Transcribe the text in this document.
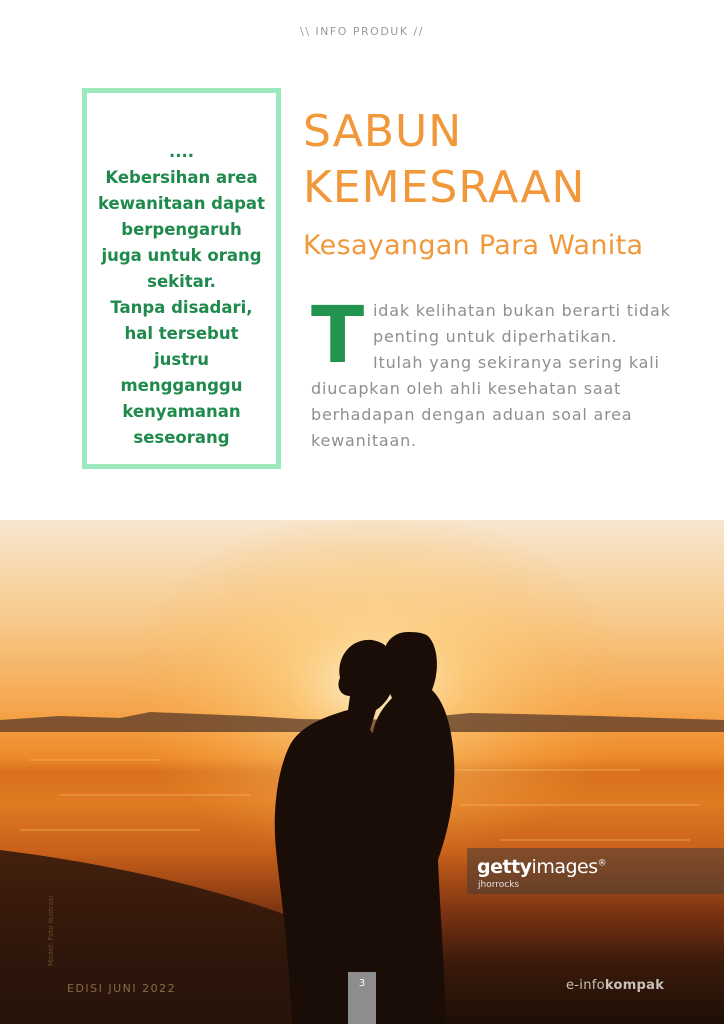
\\ INFO PRODUK //

....

Kebersihan area

kewanitaan dapat

berpengaruh

juga untuk orang

sekitar.

Tanpa disadari,

hal tersebut justru

mengganggu

kenyamanan

seseorang

SABUN
KEMESRAAN
Kesayangan Para Wanita
Tidak kelihatan bukan berarti tidak penting untuk diperhatikan. Itulah yang sekiranya sering kali diucapkan oleh ahli kesehatan saat berhadapan dengan aduan soal area kewanitaan.
Model: Foto Ilustrasi
gettyimages®
jhorrocks
EDISI JUNI 2022	3	e-infokompak
